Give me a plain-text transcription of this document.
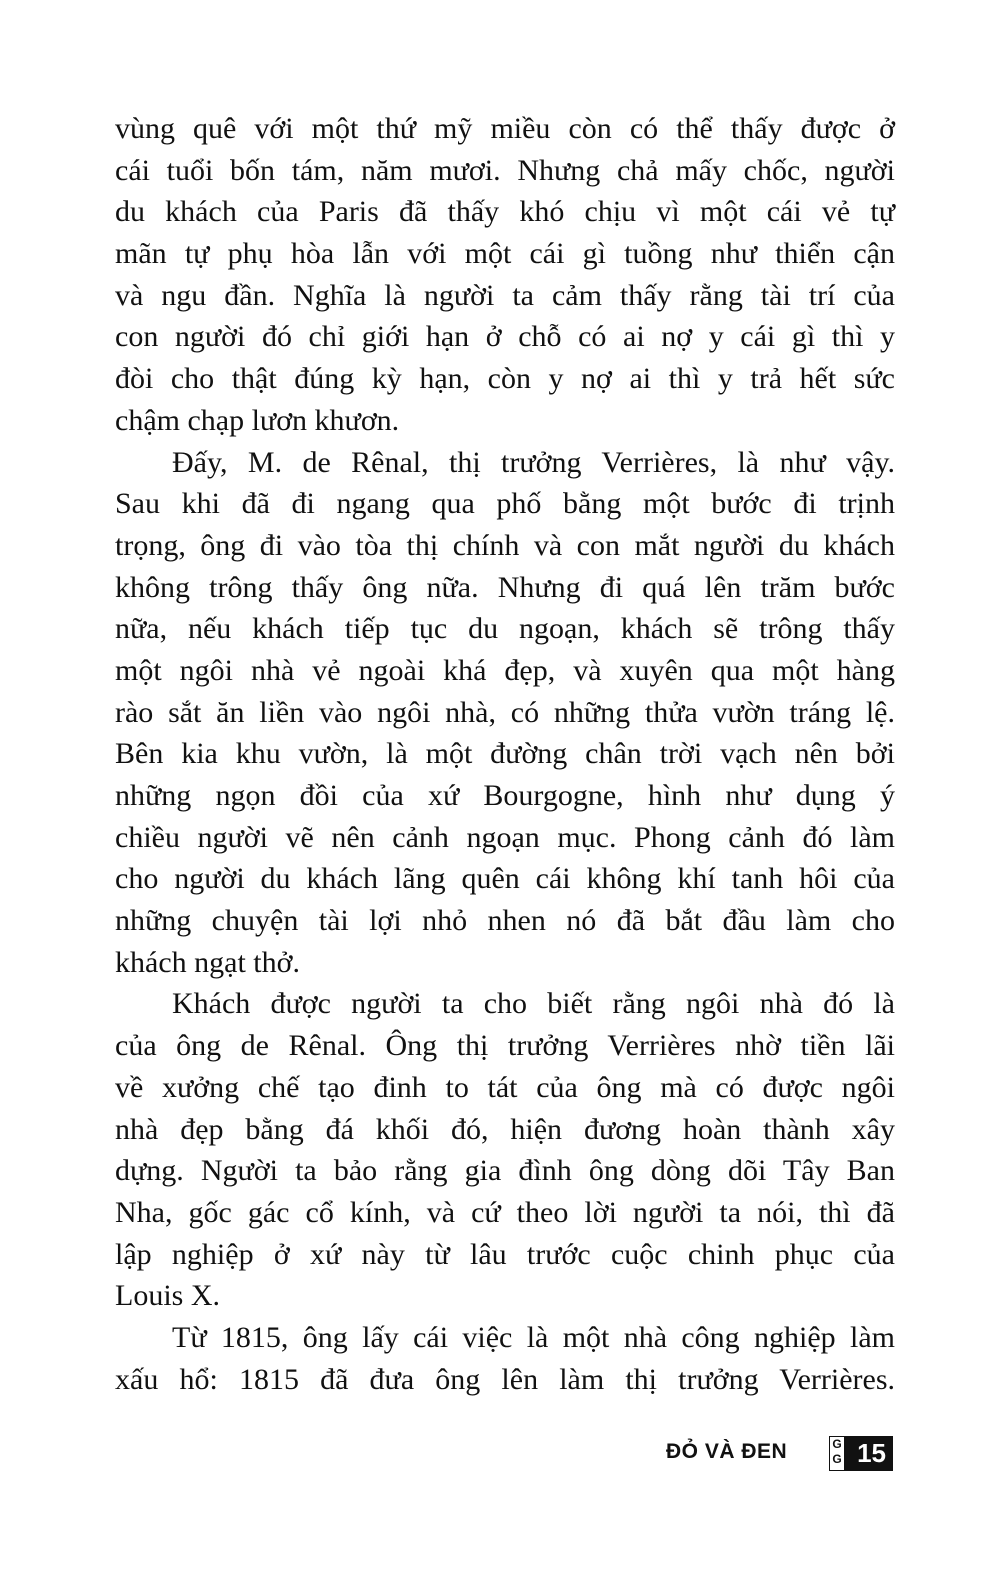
vùng quê với một thứ mỹ miều còn có thể thấy được ở
cái tuổi bốn tám, năm mươi. Nhưng chả mấy chốc, người
du khách của Paris đã thấy khó chịu vì một cái vẻ tự
mãn tự phụ hòa lẫn với một cái gì tuồng như thiển cận
và ngu đần. Nghĩa là người ta cảm thấy rằng tài trí của
con người đó chỉ giới hạn ở chỗ có ai nợ y cái gì thì y
đòi cho thật đúng kỳ hạn, còn y nợ ai thì y trả hết sức
chậm chạp lươn khươn.
Đấy, M. de Rênal, thị trưởng Verrières, là như vậy.
Sau khi đã đi ngang qua phố bằng một bước đi trịnh
trọng, ông đi vào tòa thị chính và con mắt người du khách
không trông thấy ông nữa. Nhưng đi quá lên trăm bước
nữa, nếu khách tiếp tục du ngoạn, khách sẽ trông thấy
một ngôi nhà vẻ ngoài khá đẹp, và xuyên qua một hàng
rào sắt ăn liền vào ngôi nhà, có những thửa vườn tráng lệ.
Bên kia khu vườn, là một đường chân trời vạch nên bởi
những ngọn đồi của xứ Bourgogne, hình như dụng ý
chiều người vẽ nên cảnh ngoạn mục. Phong cảnh đó làm
cho người du khách lãng quên cái không khí tanh hôi của
những chuyện tài lợi nhỏ nhen nó đã bắt đầu làm cho
khách ngạt thở.
Khách được người ta cho biết rằng ngôi nhà đó là
của ông de Rênal. Ông thị trưởng Verrières nhờ tiền lãi
về xưởng chế tạo đinh to tát của ông mà có được ngôi
nhà đẹp bằng đá khối đó, hiện đương hoàn thành xây
dựng. Người ta bảo rằng gia đình ông dòng dõi Tây Ban
Nha, gốc gác cổ kính, và cứ theo lời người ta nói, thì đã
lập nghiệp ở xứ này từ lâu trước cuộc chinh phục của
Louis X.
Từ 1815, ông lấy cái việc là một nhà công nghiệp làm
xấu hổ: 1815 đã đưa ông lên làm thị trưởng Verrières.
ĐỎ VÀ ĐEN	G
G 15
